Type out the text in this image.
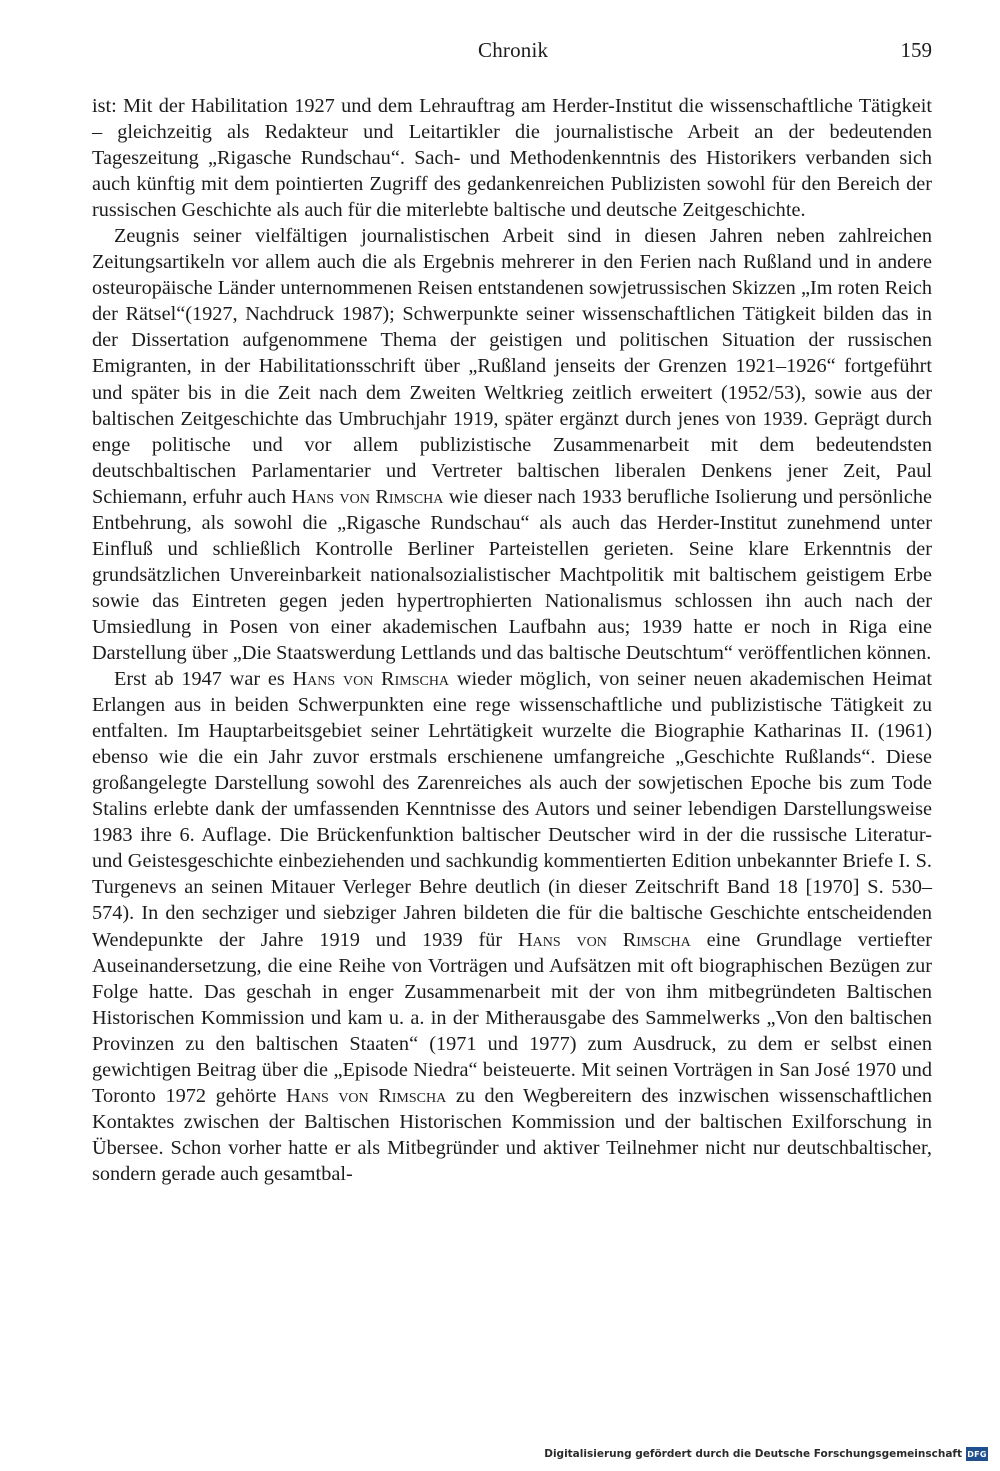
Chronik	159

ist: Mit der Habilitation 1927 und dem Lehrauftrag am Herder-Institut die wissenschaftliche Tätigkeit – gleichzeitig als Redakteur und Leitartikler die journalistische Arbeit an der bedeutenden Tageszeitung „Rigasche Rundschau“. Sach- und Methodenkenntnis des Historikers verbanden sich auch künftig mit dem pointierten Zugriff des gedankenreichen Publizisten sowohl für den Bereich der russischen Geschichte als auch für die miterlebte baltische und deutsche Zeitgeschichte.

Zeugnis seiner vielfältigen journalistischen Arbeit sind in diesen Jahren neben zahlreichen Zeitungsartikeln vor allem auch die als Ergebnis mehrerer in den Ferien nach Rußland und in andere osteuropäische Länder unternommenen Reisen entstandenen sowjetrussischen Skizzen „Im roten Reich der Rätsel“(1927, Nachdruck 1987); Schwerpunkte seiner wissenschaftlichen Tätigkeit bilden das in der Dissertation aufgenommene Thema der geistigen und politischen Situation der russischen Emigranten, in der Habilitationsschrift über „Rußland jenseits der Grenzen 1921–1926“ fortgeführt und später bis in die Zeit nach dem Zweiten Weltkrieg zeitlich erweitert (1952/53), sowie aus der baltischen Zeitgeschichte das Umbruchjahr 1919, später ergänzt durch jenes von 1939. Geprägt durch enge politische und vor allem publizistische Zusammenarbeit mit dem bedeutendsten deutschbaltischen Parlamentarier und Vertreter baltischen liberalen Denkens jener Zeit, Paul Schiemann, erfuhr auch Hans von Rimscha wie dieser nach 1933 berufliche Isolierung und persönliche Entbehrung, als sowohl die „Rigasche Rundschau“ als auch das Herder-Institut zunehmend unter Einfluß und schließlich Kontrolle Berliner Parteistellen gerieten. Seine klare Erkenntnis der grundsätzlichen Unvereinbarkeit nationalsozialistischer Machtpolitik mit baltischem geistigem Erbe sowie das Eintreten gegen jeden hypertrophierten Nationalismus schlossen ihn auch nach der Umsiedlung in Posen von einer akademischen Laufbahn aus; 1939 hatte er noch in Riga eine Darstellung über „Die Staatswerdung Lettlands und das baltische Deutschtum“ veröffentlichen können.

Erst ab 1947 war es Hans von Rimscha wieder möglich, von seiner neuen akademischen Heimat Erlangen aus in beiden Schwerpunkten eine rege wissenschaftliche und publizistische Tätigkeit zu entfalten. Im Hauptarbeitsgebiet seiner Lehrtätigkeit wurzelte die Biographie Katharinas II. (1961) ebenso wie die ein Jahr zuvor erstmals erschienene umfangreiche „Geschichte Rußlands“. Diese großangelegte Darstellung sowohl des Zarenreiches als auch der sowjetischen Epoche bis zum Tode Stalins erlebte dank der umfassenden Kenntnisse des Autors und seiner lebendigen Darstellungsweise 1983 ihre 6. Auflage. Die Brückenfunktion baltischer Deutscher wird in der die russische Literatur- und Geistesgeschichte einbeziehenden und sachkundig kommentierten Edition unbekannter Briefe I. S. Turgenevs an seinen Mitauer Verleger Behre deutlich (in dieser Zeitschrift Band 18 [1970] S. 530–574). In den sechziger und siebziger Jahren bildeten die für die baltische Geschichte entscheidenden Wendepunkte der Jahre 1919 und 1939 für Hans von Rimscha eine Grundlage vertiefter Auseinandersetzung, die eine Reihe von Vorträgen und Aufsätzen mit oft biographischen Bezügen zur Folge hatte. Das geschah in enger Zusammenarbeit mit der von ihm mitbegründeten Baltischen Historischen Kommission und kam u. a. in der Mitherausgabe des Sammelwerks „Von den baltischen Provinzen zu den baltischen Staaten“ (1971 und 1977) zum Ausdruck, zu dem er selbst einen gewichtigen Beitrag über die „Episode Niedra“ beisteuerte. Mit seinen Vorträgen in San José 1970 und Toronto 1972 gehörte Hans von Rimscha zu den Wegbereitern des inzwischen wissenschaftlichen Kontaktes zwischen der Baltischen Historischen Kommission und der baltischen Exilforschung in Übersee. Schon vorher hatte er als Mitbegründer und aktiver Teilnehmer nicht nur deutschbaltischer, sondern gerade auch gesamtbal-

Digitalisierung gefördert durch die Deutsche Forschungsgemeinschaft DFG
